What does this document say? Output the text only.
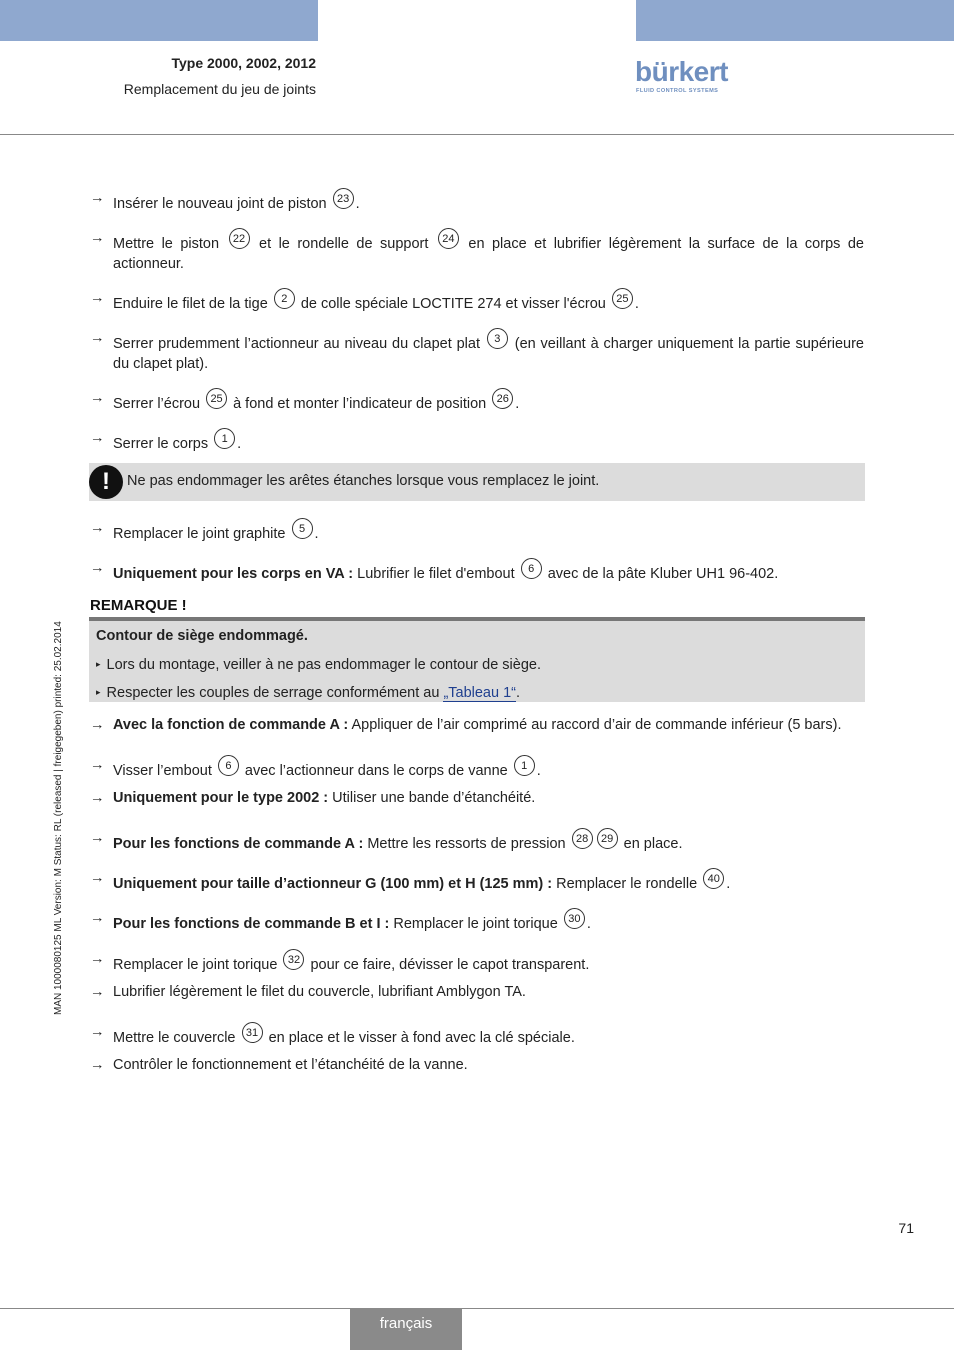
Type 2000, 2002, 2012
Remplacement du jeu de joints
bürkert
FLUID CONTROL SYSTEMS
MAN 1000080125 ML Version: M Status: RL (released | freigegeben) printed: 25.02.2014
→ Insérer le nouveau joint de piston 23 .
→ Mettre le piston 22 et le rondelle de support 24 en place et lubrifier légèrement la surface de la corps de actionneur.
→ Enduire le filet de la tige 2 de colle spéciale LOCTITE 274 et visser l'écrou 25 .
→ Serrer prudemment l’actionneur au niveau du clapet plat 3 (en veillant à charger uniquement la partie supérieure du clapet plat).
→ Serrer l’écrou 25 à fond et monter l’indicateur de position 26 .
→ Serrer le corps 1 .
!	Ne pas endommager les arêtes étanches lorsque vous remplacez le joint.
→ Remplacer le joint graphite 5 .
→ Uniquement pour les corps en VA : Lubrifier le filet d'embout 6 avec de la pâte Kluber UH1 96-402.
REMARQUE !
Contour de siège endommagé.
▸ Lors du montage, veiller à ne pas endommager le contour de siège.
▸ Respecter les couples de serrage conformément au „Tableau 1“.
→ Avec la fonction de commande A : Appliquer de l’air comprimé au raccord d’air de commande inférieur (5 bars).
→ Visser l’embout 6 avec l’actionneur dans le corps de vanne 1 .
→ Uniquement pour le type 2002 : Utiliser une bande d’étanchéité.
→ Pour les fonctions de commande A : Mettre les ressorts de pression 28 29 en place.
→ Uniquement pour taille d’actionneur G (100 mm) et H (125 mm) : Remplacer le rondelle 40 .
→ Pour les fonctions de commande B et I : Remplacer le joint torique 30 .
→ Remplacer le joint torique 32 pour ce faire, dévisser le capot transparent.
→ Lubrifier légèrement le filet du couvercle, lubrifiant Amblygon TA.
→ Mettre le couvercle 31 en place et le visser à fond avec la clé spéciale.
→ Contrôler le fonctionnement et l’étanchéité de la vanne.
71
français
